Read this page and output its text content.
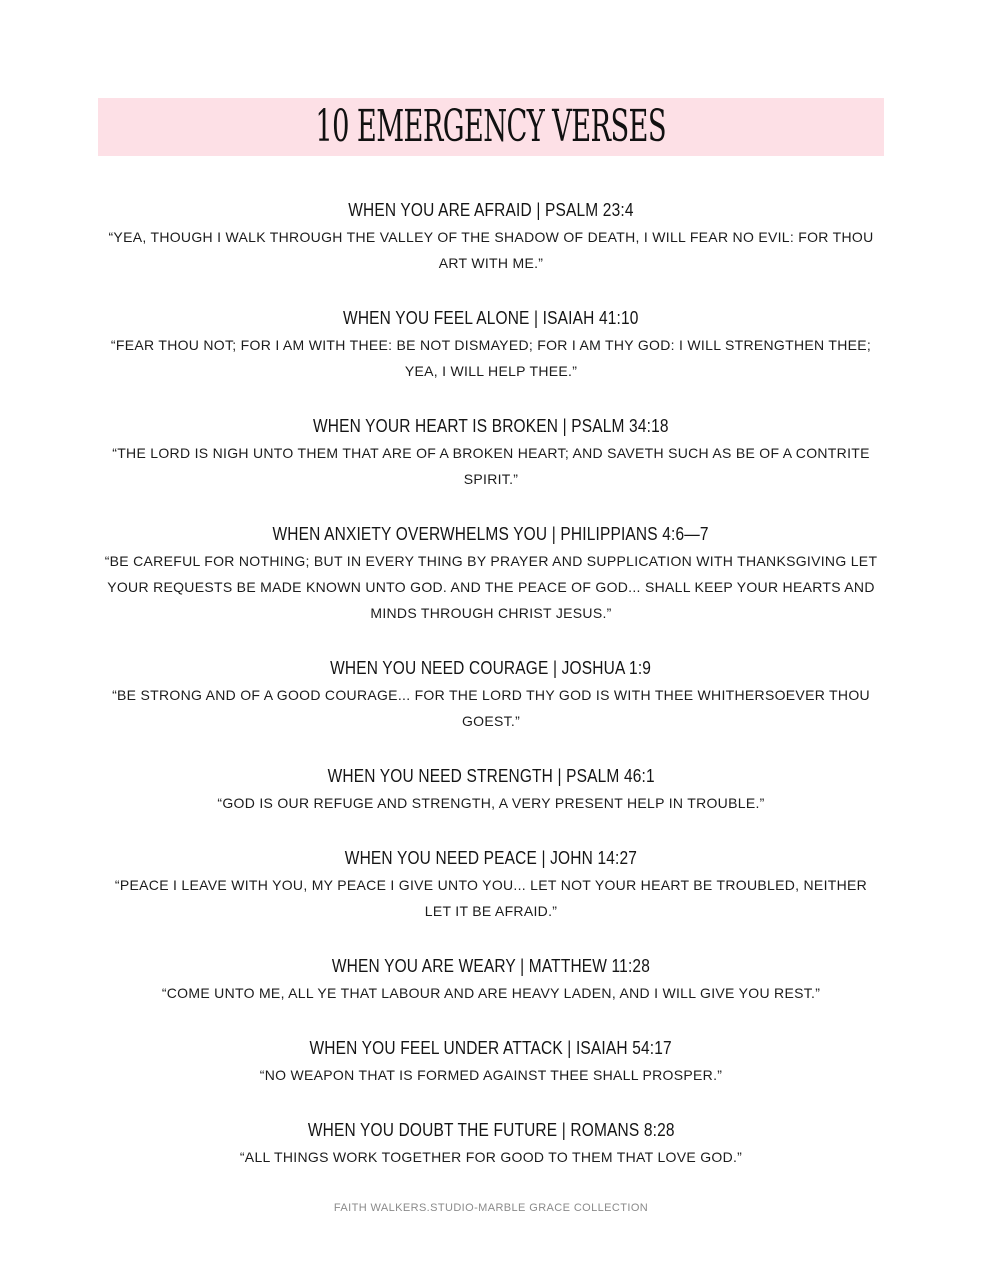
10 EMERGENCY VERSES
WHEN YOU ARE AFRAID | PSALM 23:4
“YEA, THOUGH I WALK THROUGH THE VALLEY OF THE SHADOW OF DEATH, I WILL FEAR NO EVIL: FOR THOU ART WITH ME.”
WHEN YOU FEEL ALONE | ISAIAH 41:10
“FEAR THOU NOT; FOR I AM WITH THEE: BE NOT DISMAYED; FOR I AM THY GOD: I WILL STRENGTHEN THEE; YEA, I WILL HELP THEE.”
WHEN YOUR HEART IS BROKEN | PSALM 34:18
“THE LORD IS NIGH UNTO THEM THAT ARE OF A BROKEN HEART; AND SAVETH SUCH AS BE OF A CONTRITE SPIRIT.”
WHEN ANXIETY OVERWHELMS YOU | PHILIPPIANS 4:6—7
“BE CAREFUL FOR NOTHING; BUT IN EVERY THING BY PRAYER AND SUPPLICATION WITH THANKSGIVING LET YOUR REQUESTS BE MADE KNOWN UNTO GOD. AND THE PEACE OF GOD... SHALL KEEP YOUR HEARTS AND MINDS THROUGH CHRIST JESUS.”
WHEN YOU NEED COURAGE | JOSHUA 1:9
“BE STRONG AND OF A GOOD COURAGE... FOR THE LORD THY GOD IS WITH THEE WHITHERSOEVER THOU GOEST.”
WHEN YOU NEED STRENGTH | PSALM 46:1
“GOD IS OUR REFUGE AND STRENGTH, A VERY PRESENT HELP IN TROUBLE.”
WHEN YOU NEED PEACE | JOHN 14:27
“PEACE I LEAVE WITH YOU, MY PEACE I GIVE UNTO YOU... LET NOT YOUR HEART BE TROUBLED, NEITHER LET IT BE AFRAID.”
WHEN YOU ARE WEARY | MATTHEW 11:28
“COME UNTO ME, ALL YE THAT LABOUR AND ARE HEAVY LADEN, AND I WILL GIVE YOU REST.”
WHEN YOU FEEL UNDER ATTACK | ISAIAH 54:17
“NO WEAPON THAT IS FORMED AGAINST THEE SHALL PROSPER.”
WHEN YOU DOUBT THE FUTURE | ROMANS 8:28
“ALL THINGS WORK TOGETHER FOR GOOD TO THEM THAT LOVE GOD.”
FAITH WALKERS.STUDIO-MARBLE GRACE COLLECTION
